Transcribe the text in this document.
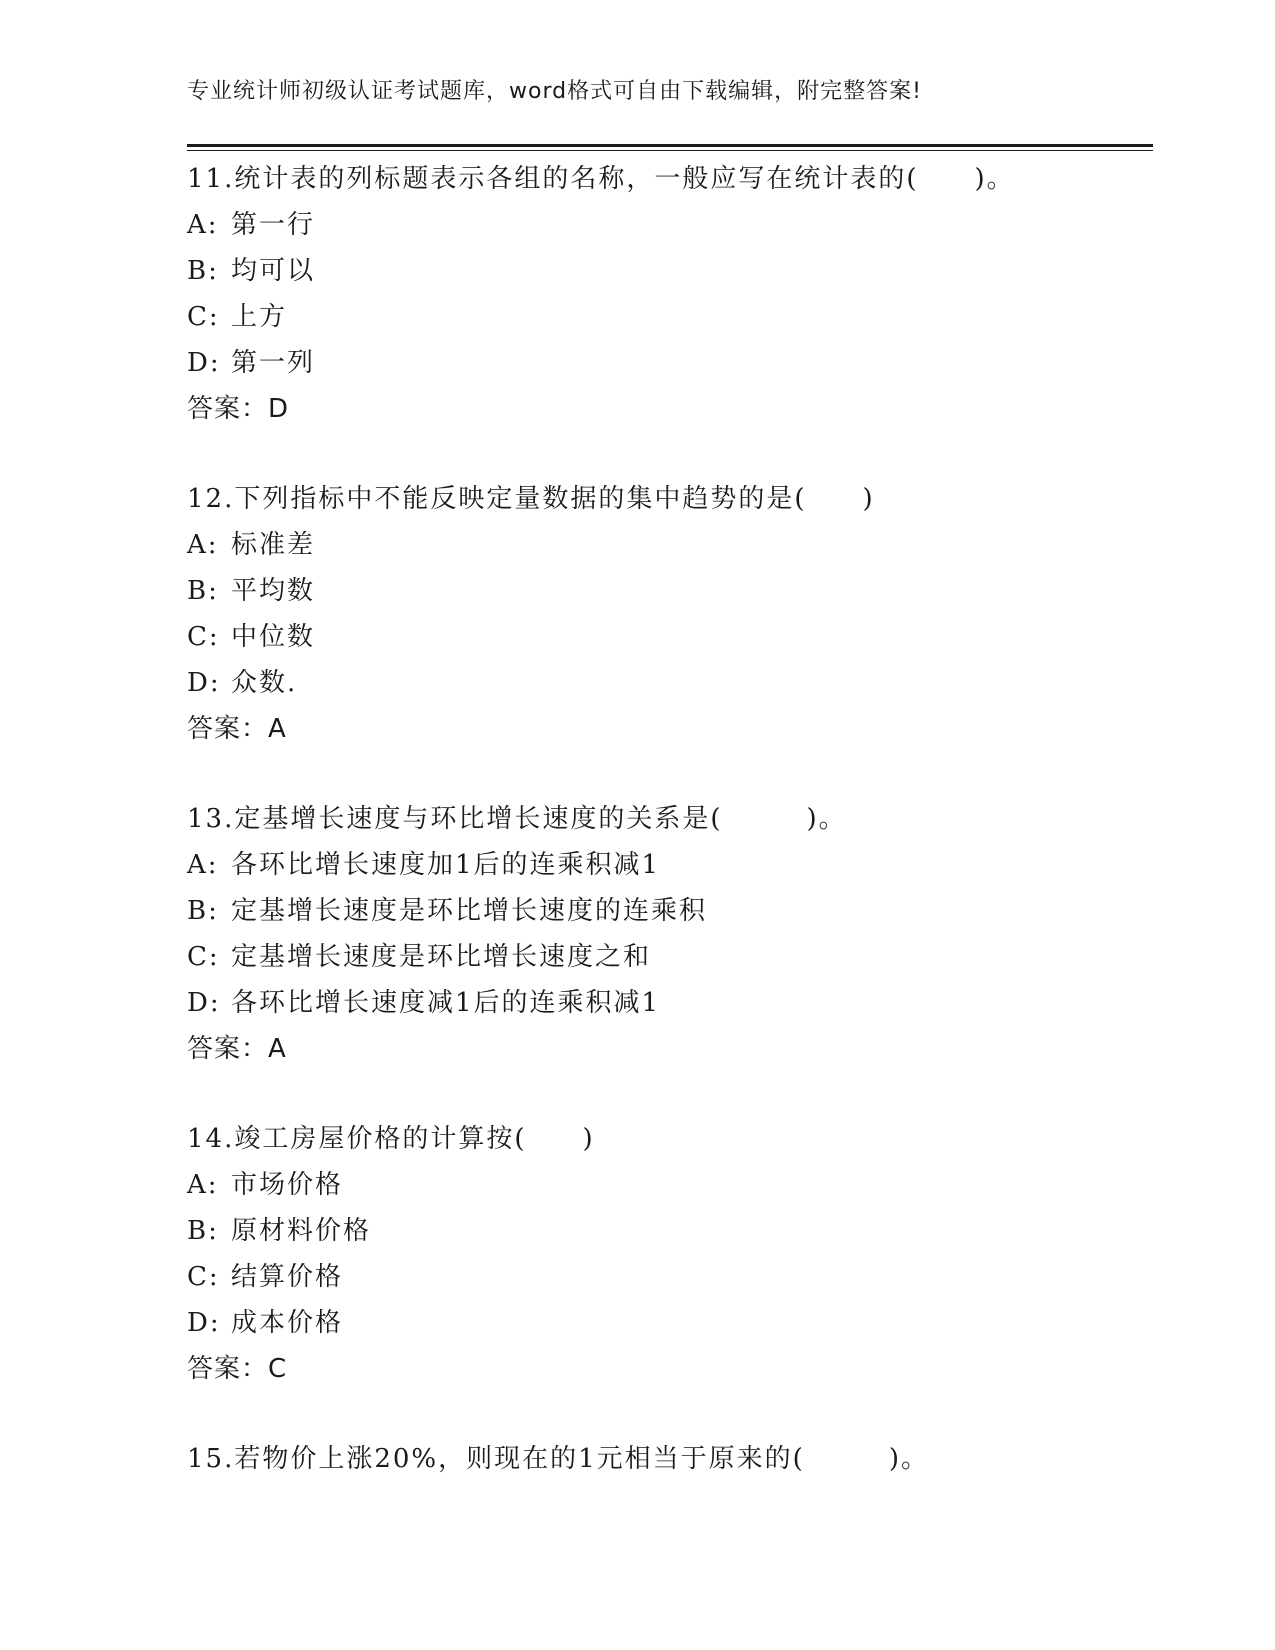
专业统计师初级认证考试题库，word格式可自由下载编辑，附完整答案!
11.统计表的列标题表示各组的名称，一般应写在统计表的(　　)。
A: 第一行
B: 均可以
C: 上方
D: 第一列
答案：D
12.下列指标中不能反映定量数据的集中趋势的是(　　)
A: 标准差
B: 平均数
C: 中位数
D: 众数.
答案：A
13.定基增长速度与环比增长速度的关系是(　　　)。
A: 各环比增长速度加1后的连乘积减1
B: 定基增长速度是环比增长速度的连乘积
C: 定基增长速度是环比增长速度之和
D: 各环比增长速度减1后的连乘积减1
答案：A
14.竣工房屋价格的计算按(　　)
A: 市场价格
B: 原材料价格
C: 结算价格
D: 成本价格
答案：C
15.若物价上涨20%，则现在的1元相当于原来的(　　　)。
